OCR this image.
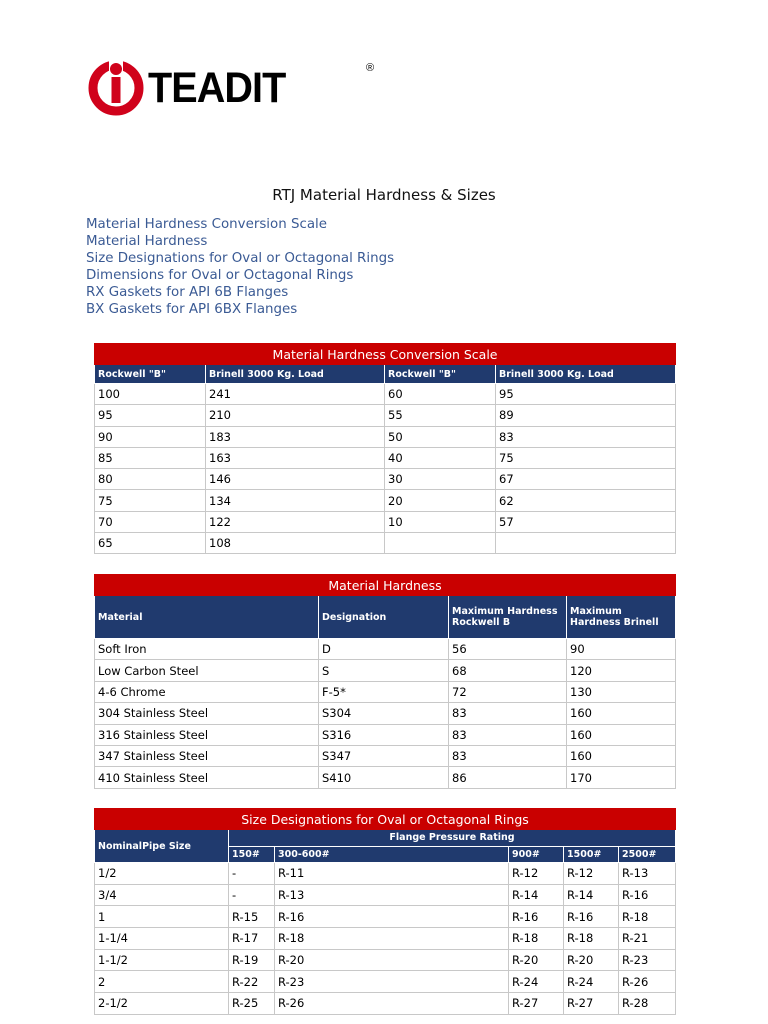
TEADIT	®
RTJ Material Hardness & Sizes
Material Hardness Conversion Scale
Material Hardness
Size Designations for Oval or Octagonal Rings
Dimensions for Oval or Octagonal Rings
RX Gaskets for API 6B Flanges
BX Gaskets for API 6BX Flanges
Material Hardness Conversion Scale			
Rockwell "B"	Brinell 3000 Kg. Load	Rockwell "B"	Brinell 3000 Kg. Load
100	241	60	95
95	210	55	89
90	183	50	83
85	163	40	75
80	146	30	67
75	134	20	62
70	122	10	57
65	108		
Material Hardness			
Material	Designation	Maximum Hardness Rockwell B	Maximum Hardness Brinell
Soft Iron	D	56	90
Low Carbon Steel	S	68	120
4-6 Chrome	F-5*	72	130
304 Stainless Steel	S304	83	160
316 Stainless Steel	S316	83	160
347 Stainless Steel	S347	83	160
410 Stainless Steel	S410	86	170
Size Designations for Oval or Octagonal Rings					
NominalPipe Size	Flange Pressure Rating				
	150#	300-600#	900#	1500#	2500#
1/2	-	R-11	R-12	R-12	R-13
3/4	-	R-13	R-14	R-14	R-16
1	R-15	R-16	R-16	R-16	R-18
1-1/4	R-17	R-18	R-18	R-18	R-21
1-1/2	R-19	R-20	R-20	R-20	R-23
2	R-22	R-23	R-24	R-24	R-26
2-1/2	R-25	R-26	R-27	R-27	R-28
